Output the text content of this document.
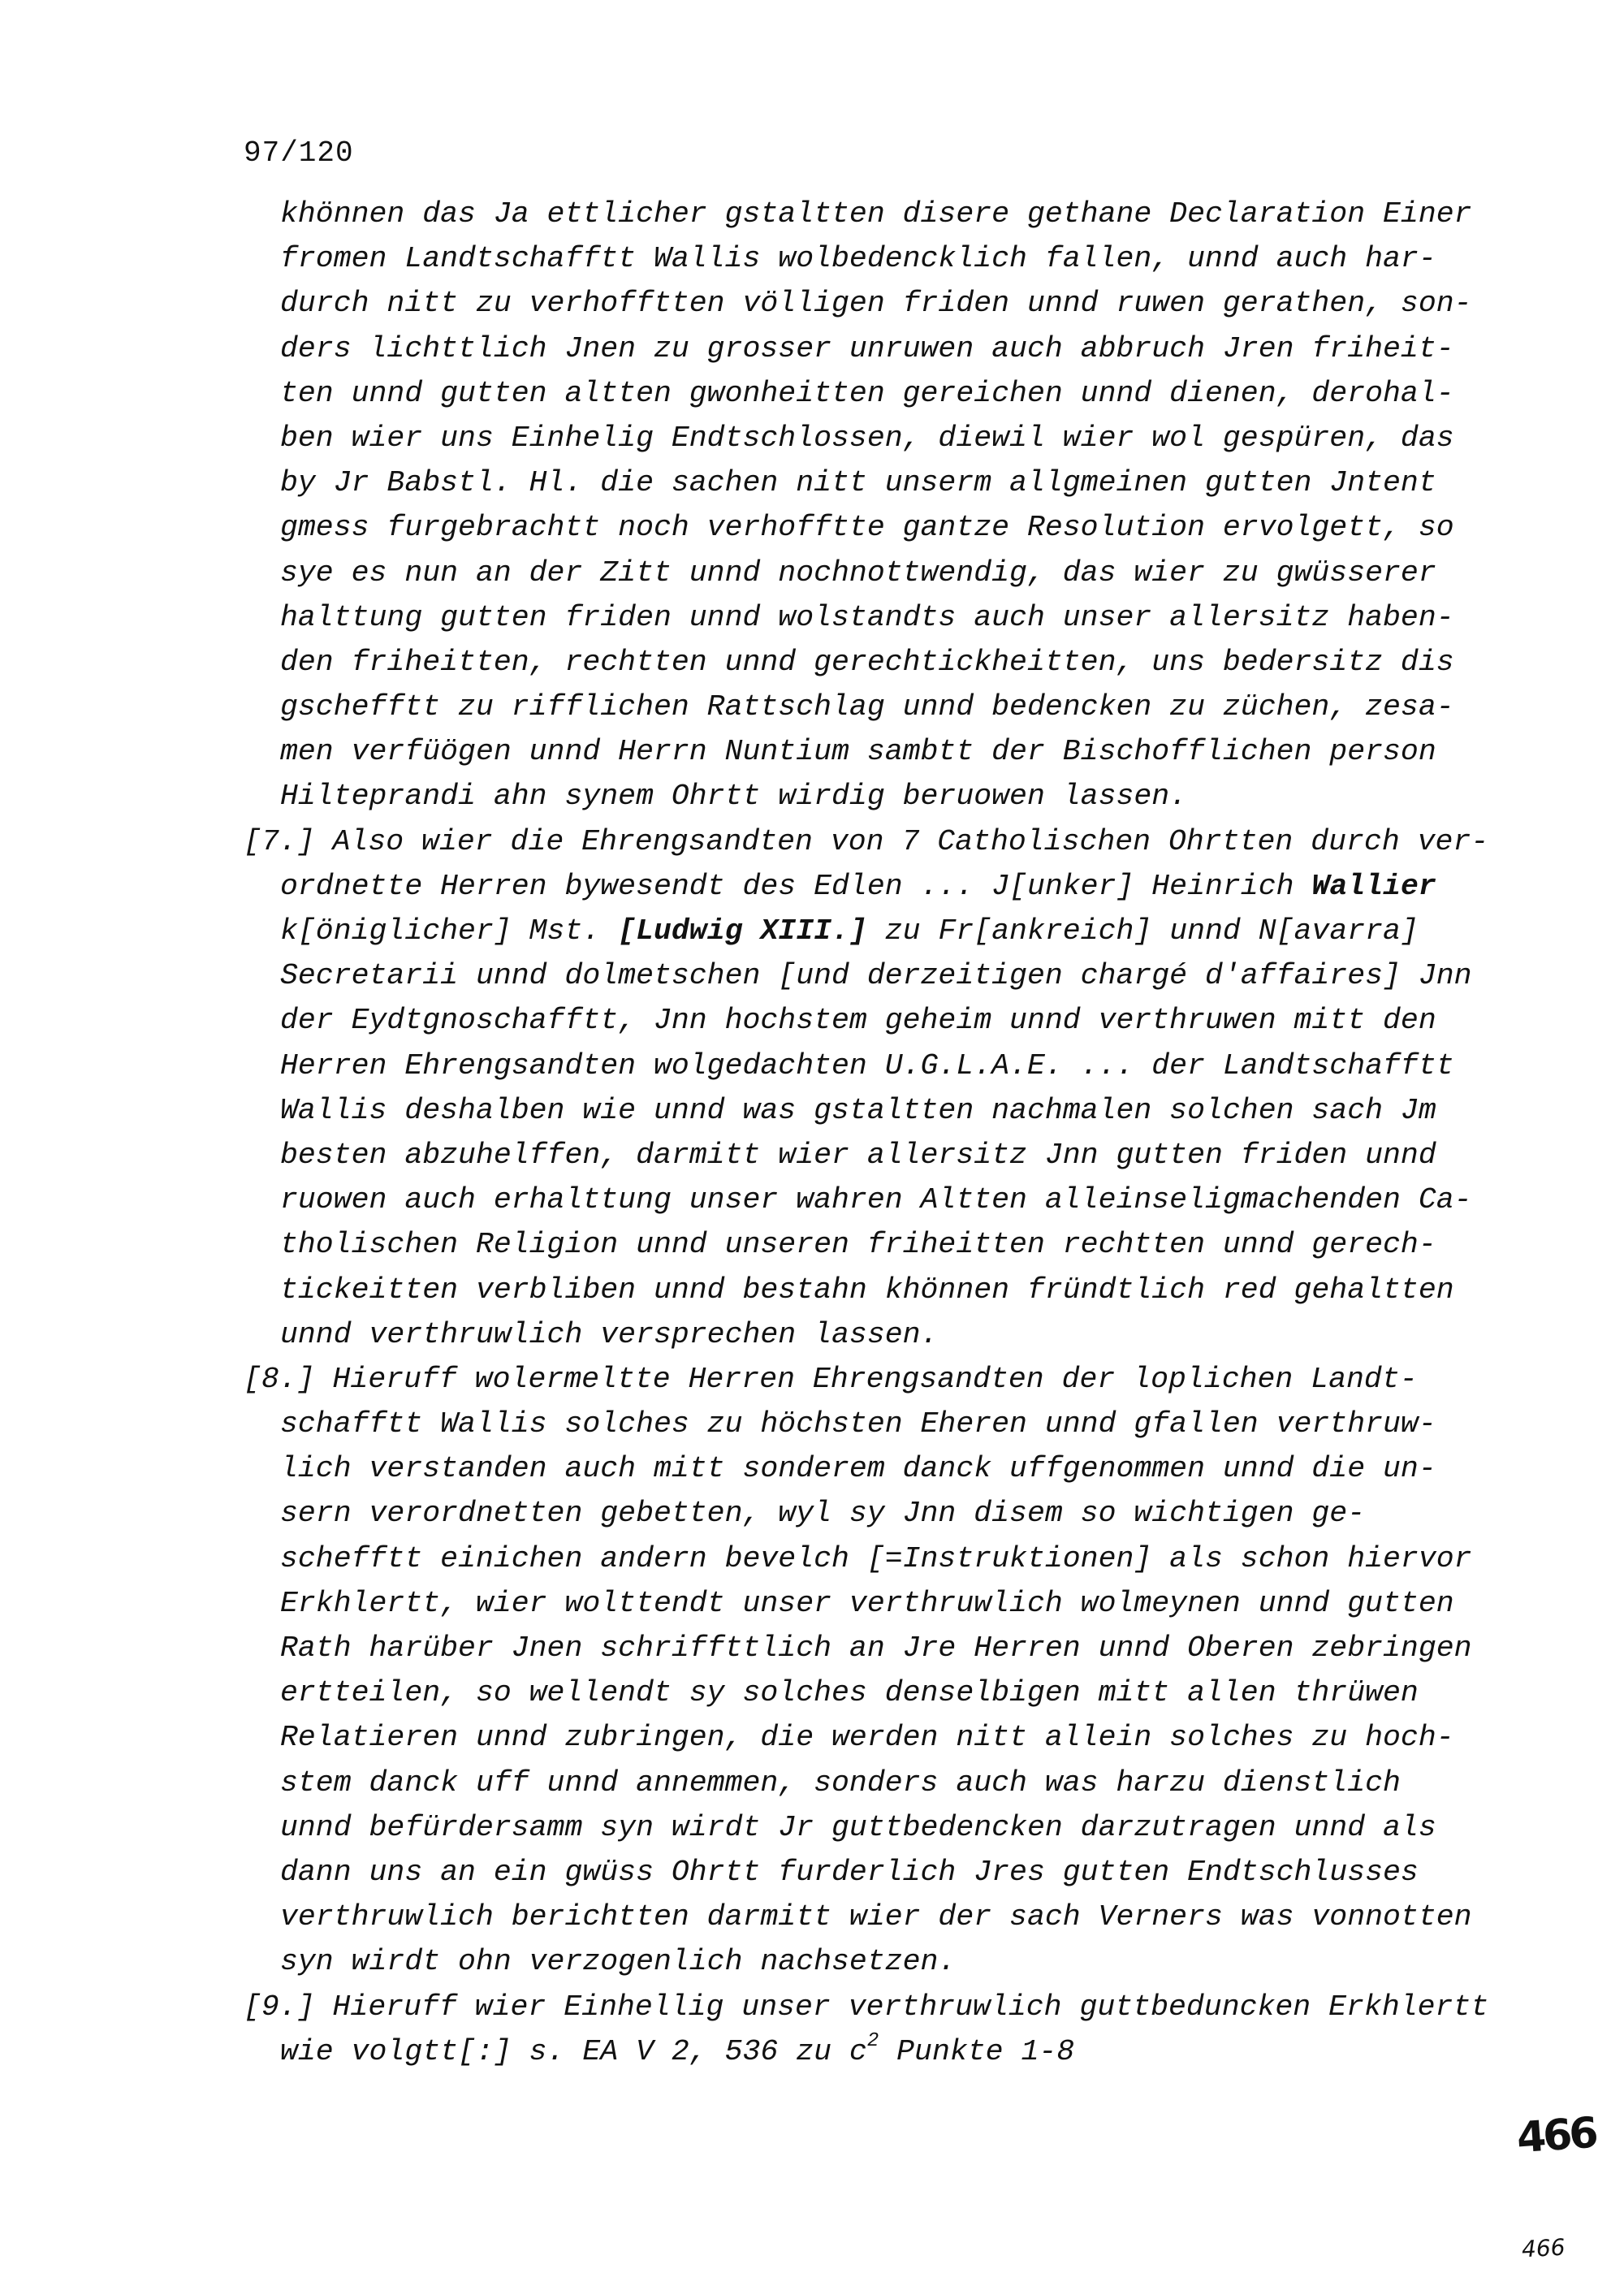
97/120
khönnen das Ja ettlicher gstaltten disere gethane Declaration Einer
fromen Landtschafftt Wallis wolbedencklich fallen, unnd auch har-
durch nitt zu verhofftten völligen friden unnd ruwen gerathen, son-
ders lichttlich Jnen zu grosser unruwen auch abbruch Jren friheit-
ten unnd gutten altten gwonheitten gereichen unnd dienen, derohal-
ben wier uns Einhelig Endtschlossen, diewil wier wol gespüren, das
by Jr Babstl. Hl. die sachen nitt unserm allgmeinen gutten Jntent
gmess furgebrachtt noch verhofftte gantze Resolution ervolgett, so
sye es nun an der Zitt unnd nochnottwendig, das wier zu gwüsserer
halttung gutten friden unnd wolstandts auch unser allersitz haben-
den friheitten, rechtten unnd gerechtickheitten, uns bedersitz dis
gschefftt zu rifflichen Rattschlag unnd bedencken zu züchen, zesa-
men verfüögen unnd Herrn Nuntium sambtt der Bischofflichen person
Hilteprandi ahn synem Ohrtt wirdig beruowen lassen.
[7.] Also wier die Ehrengsandten von 7 Catholischen Ohrtten durch ver-
ordnette Herren bywesendt des Edlen ... J[unker] Heinrich Wallier
k[öniglicher] Mst. [Ludwig XIII.] zu Fr[ankreich] unnd N[avarra]
Secretarii unnd dolmetschen [und derzeitigen chargé d'affaires] Jnn
der Eydtgnoschafftt, Jnn hochstem geheim unnd verthruwen mitt den
Herren Ehrengsandten wolgedachten U.G.L.A.E. ... der Landtschafftt
Wallis deshalben wie unnd was gstaltten nachmalen solchen sach Jm
besten abzuhelffen, darmitt wier allersitz Jnn gutten friden unnd
ruowen auch erhalttung unser wahren Altten alleinseligmachenden Ca-
tholischen Religion unnd unseren friheitten rechtten unnd gerech-
tickeitten verbliben unnd bestahn khönnen fründtlich red gehaltten
unnd verthruwlich versprechen lassen.
[8.] Hieruff wolermeltte Herren Ehrengsandten der loplichen Landt-
schafftt Wallis solches zu höchsten Eheren unnd gfallen verthruw-
lich verstanden auch mitt sonderem danck uffgenommen unnd die un-
sern verordnetten gebetten, wyl sy Jnn disem so wichtigen ge-
schefftt einichen andern bevelch [=Instruktionen] als schon hiervor
Erkhlertt, wier wolttendt unser verthruwlich wolmeynen unnd gutten
Rath harüber Jnen schriffttlich an Jre Herren unnd Oberen zebringen
ertteilen, so wellendt sy solches denselbigen mitt allen thrüwen
Relatieren unnd zubringen, die werden nitt allein solches zu hoch-
stem danck uff unnd annemmen, sonders auch was harzu dienstlich
unnd befürdersamm syn wirdt Jr guttbedencken darzutragen unnd als
dann uns an ein gwüss Ohrtt furderlich Jres gutten Endtschlusses
verthruwlich berichtten darmitt wier der sach Verners was vonnotten
syn wirdt ohn verzogenlich nachsetzen.
[9.] Hieruff wier Einhellig unser verthruwlich guttbeduncken Erkhlertt
wie volgtt[:] s. EA V 2, 536 zu $c^2$ Punkte 1-8
466
466
